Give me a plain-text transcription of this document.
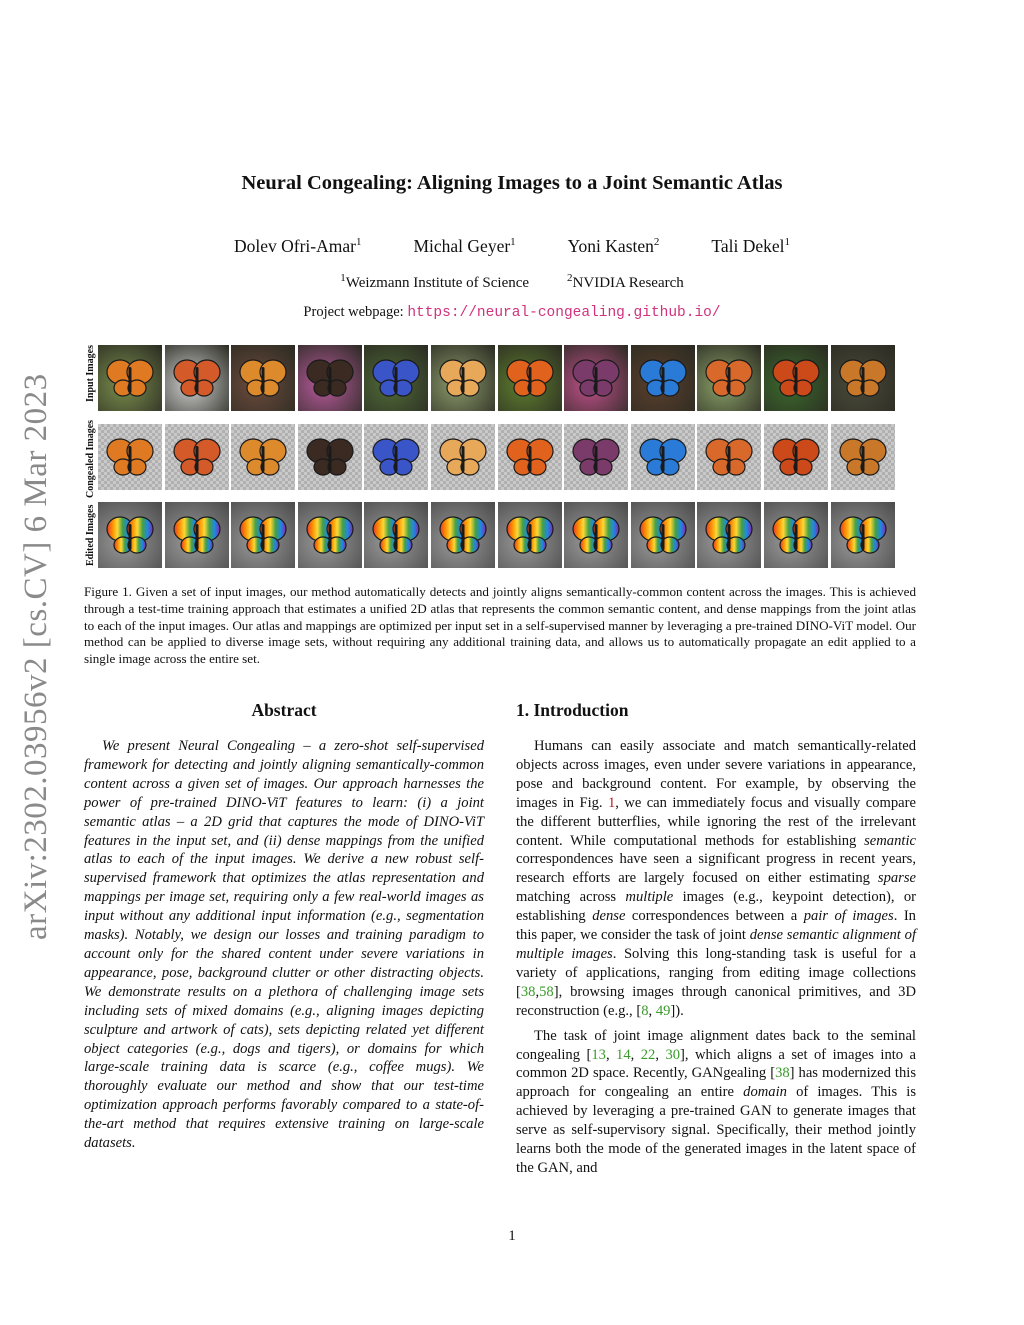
arXiv:2302.03956v2 [cs.CV] 6 Mar 2023
Neural Congealing: Aligning Images to a Joint Semantic Atlas
Dolev Ofri-Amar$^1$	Michal Geyer$^1$	Yoni Kasten$^2$	Tali Dekel$^1$
$^1$Weizmann Institute of Science	$^2$NVIDIA Research
Project webpage: https://neural-congealing.github.io/
Input Images
Congealed Images
Edited Images
Figure 1. Given a set of input images, our method automatically detects and jointly aligns semantically-common content across the images. This is achieved through a test-time training approach that estimates a unified 2D atlas that represents the common semantic content, and dense mappings from the joint atlas to each of the input images. Our atlas and mappings are optimized per input set in a self-supervised manner by leveraging a pre-trained DINO-ViT model. Our method can be applied to diverse image sets, without requiring any additional training data, and allows us to automatically propagate an edit applied to a single image across the entire set.
Abstract

We present Neural Congealing – a zero-shot self-supervised framework for detecting and jointly aligning semantically-common content across a given set of images. Our approach harnesses the power of pre-trained DINO-ViT features to learn: (i) a joint semantic atlas – a 2D grid that captures the mode of DINO-ViT features in the input set, and (ii) dense mappings from the unified atlas to each of the input images. We derive a new robust self-supervised framework that optimizes the atlas representation and mappings per image set, requiring only a few real-world images as input without any additional input information (e.g., segmentation masks). Notably, we design our losses and training paradigm to account only for the shared content under severe variations in appearance, pose, background clutter or other distracting objects. We demonstrate results on a plethora of challenging image sets including sets of mixed domains (e.g., aligning images depicting sculpture and artwork of cats), sets depicting related yet different object categories (e.g., dogs and tigers), or domains for which large-scale training data is scarce (e.g., coffee mugs). We thoroughly evaluate our method and show that our test-time optimization approach performs favorably compared to a state-of-the-art method that requires extensive training on large-scale datasets.

1. Introduction

Humans can easily associate and match semantically-related objects across images, even under severe variations in appearance, pose and background content. For example, by observing the images in Fig. 1, we can immediately focus and visually compare the different butterflies, while ignoring the rest of the irrelevant content. While computational methods for establishing semantic correspondences have seen a significant progress in recent years, research efforts are largely focused on either estimating sparse matching across multiple images (e.g., keypoint detection), or establishing dense correspondences between a pair of images. In this paper, we consider the task of joint dense semantic alignment of multiple images. Solving this long-standing task is useful for a variety of applications, ranging from editing image collections [38,58], browsing images through canonical primitives, and 3D reconstruction (e.g., [8, 49]).

The task of joint image alignment dates back to the seminal congealing [13, 14, 22, 30], which aligns a set of images into a common 2D space. Recently, GANgealing [38] has modernized this approach for congealing an entire domain of images. This is achieved by leveraging a pre-trained GAN to generate images that serve as self-supervisory signal. Specifically, their method jointly learns both the mode of the generated images in the latent space of the GAN, and

1
